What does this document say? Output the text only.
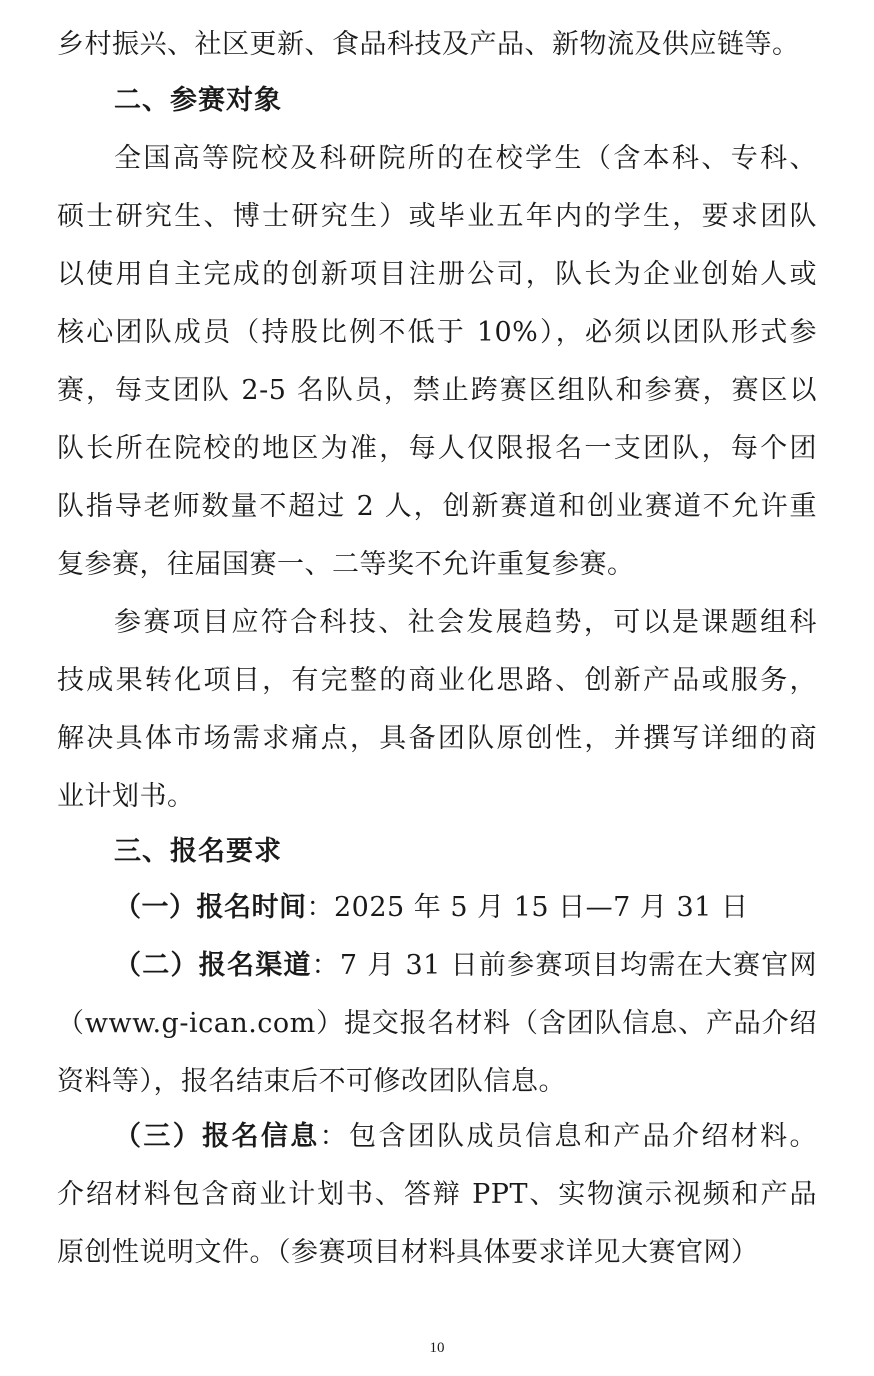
乡村振兴、社区更新、食品科技及产品、新物流及供应链等。
二、参赛对象
全国高等院校及科研院所的在校学生（含本科、专科、
硕士研究生、博士研究生）或毕业五年内的学生，要求团队
以使用自主完成的创新项目注册公司，队长为企业创始人或
核心团队成员（持股比例不低于 10%），必须以团队形式参
赛，每支团队 2-5 名队员，禁止跨赛区组队和参赛，赛区以
队长所在院校的地区为准，每人仅限报名一支团队，每个团
队指导老师数量不超过 2 人，创新赛道和创业赛道不允许重
复参赛，往届国赛一、二等奖不允许重复参赛。
参赛项目应符合科技、社会发展趋势，可以是课题组科
技成果转化项目，有完整的商业化思路、创新产品或服务，
解决具体市场需求痛点，具备团队原创性，并撰写详细的商
业计划书。
三、报名要求
（一）报名时间：2025 年 5 月 15 日—7 月 31 日
（二）报名渠道：7 月 31 日前参赛项目均需在大赛官网
（www.g-ican.com）提交报名材料（含团队信息、产品介绍
资料等），报名结束后不可修改团队信息。
（三）报名信息：包含团队成员信息和产品介绍材料。
介绍材料包含商业计划书、答辩 PPT、实物演示视频和产品
原创性说明文件。（参赛项目材料具体要求详见大赛官网）
10
